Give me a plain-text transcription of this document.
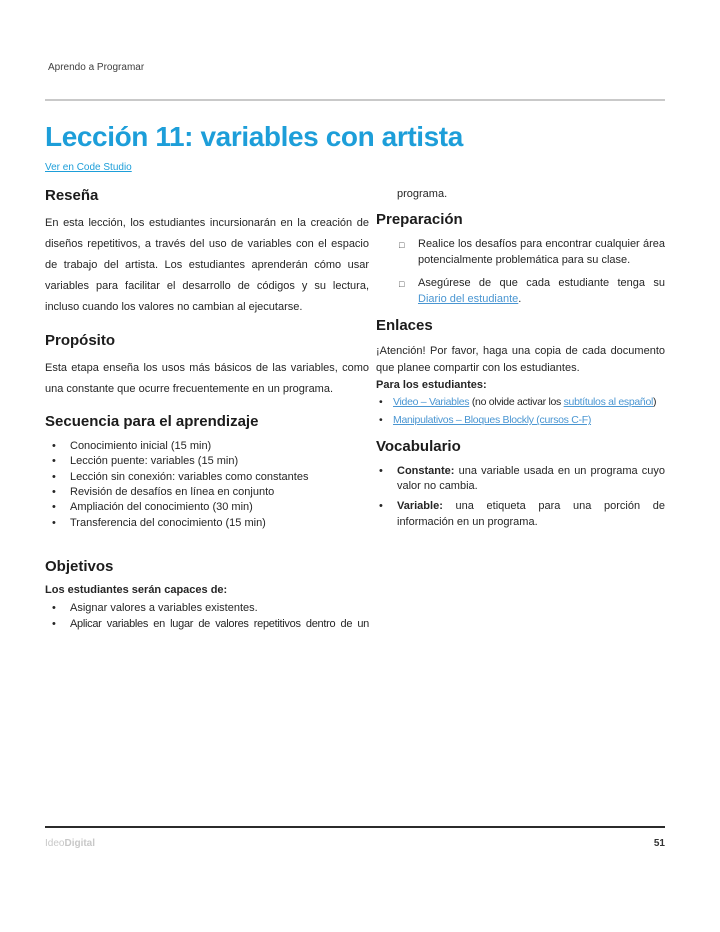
Aprendo a Programar
Lección 11: variables con artista
Ver en Code Studio
Reseña

En esta lección, los estudiantes incursionarán en la creación de diseños repetitivos, a través del uso de variables con el espacio de trabajo del artista. Los estudiantes aprenderán cómo usar variables para facilitar el desarrollo de códigos y su lectura, incluso cuando los valores no cambian al ejecutarse.

Propósito

Esta etapa enseña los usos más básicos de las variables, como una constante que ocurre frecuentemente en un programa.

Secuencia para el aprendizaje
•	Conocimiento inicial (15 min)
•	Lección puente: variables (15 min)
•	Lección sin conexión: variables como constantes
•	Revisión de desafíos en línea en conjunto
•	Ampliación del conocimiento (30 min)
•	Transferencia del conocimiento (15 min)
Objetivos

Los estudiantes serán capaces de:

•	Asignar valores a variables existentes.
•	Aplicar variables en lugar de valores repetitivos dentro de un
programa.
Preparación
□	Realice los desafíos para encontrar cualquier área potencialmente problemática para su clase.
□	Asegúrese de que cada estudiante tenga su Diario del estudiante.
Enlaces

¡Atención! Por favor, haga una copia de cada documento que planee compartir con los estudiantes.

Para los estudiantes:

• Video – Variables (no olvide activar los subtítulos al español)
• Manipulativos – Bloques Blockly (cursos C-F)
Vocabulario
•	Constante: una variable usada en un programa cuyo valor no cambia.
•	Variable: una etiqueta para una porción de información en un programa.
IdeoDigital	51
